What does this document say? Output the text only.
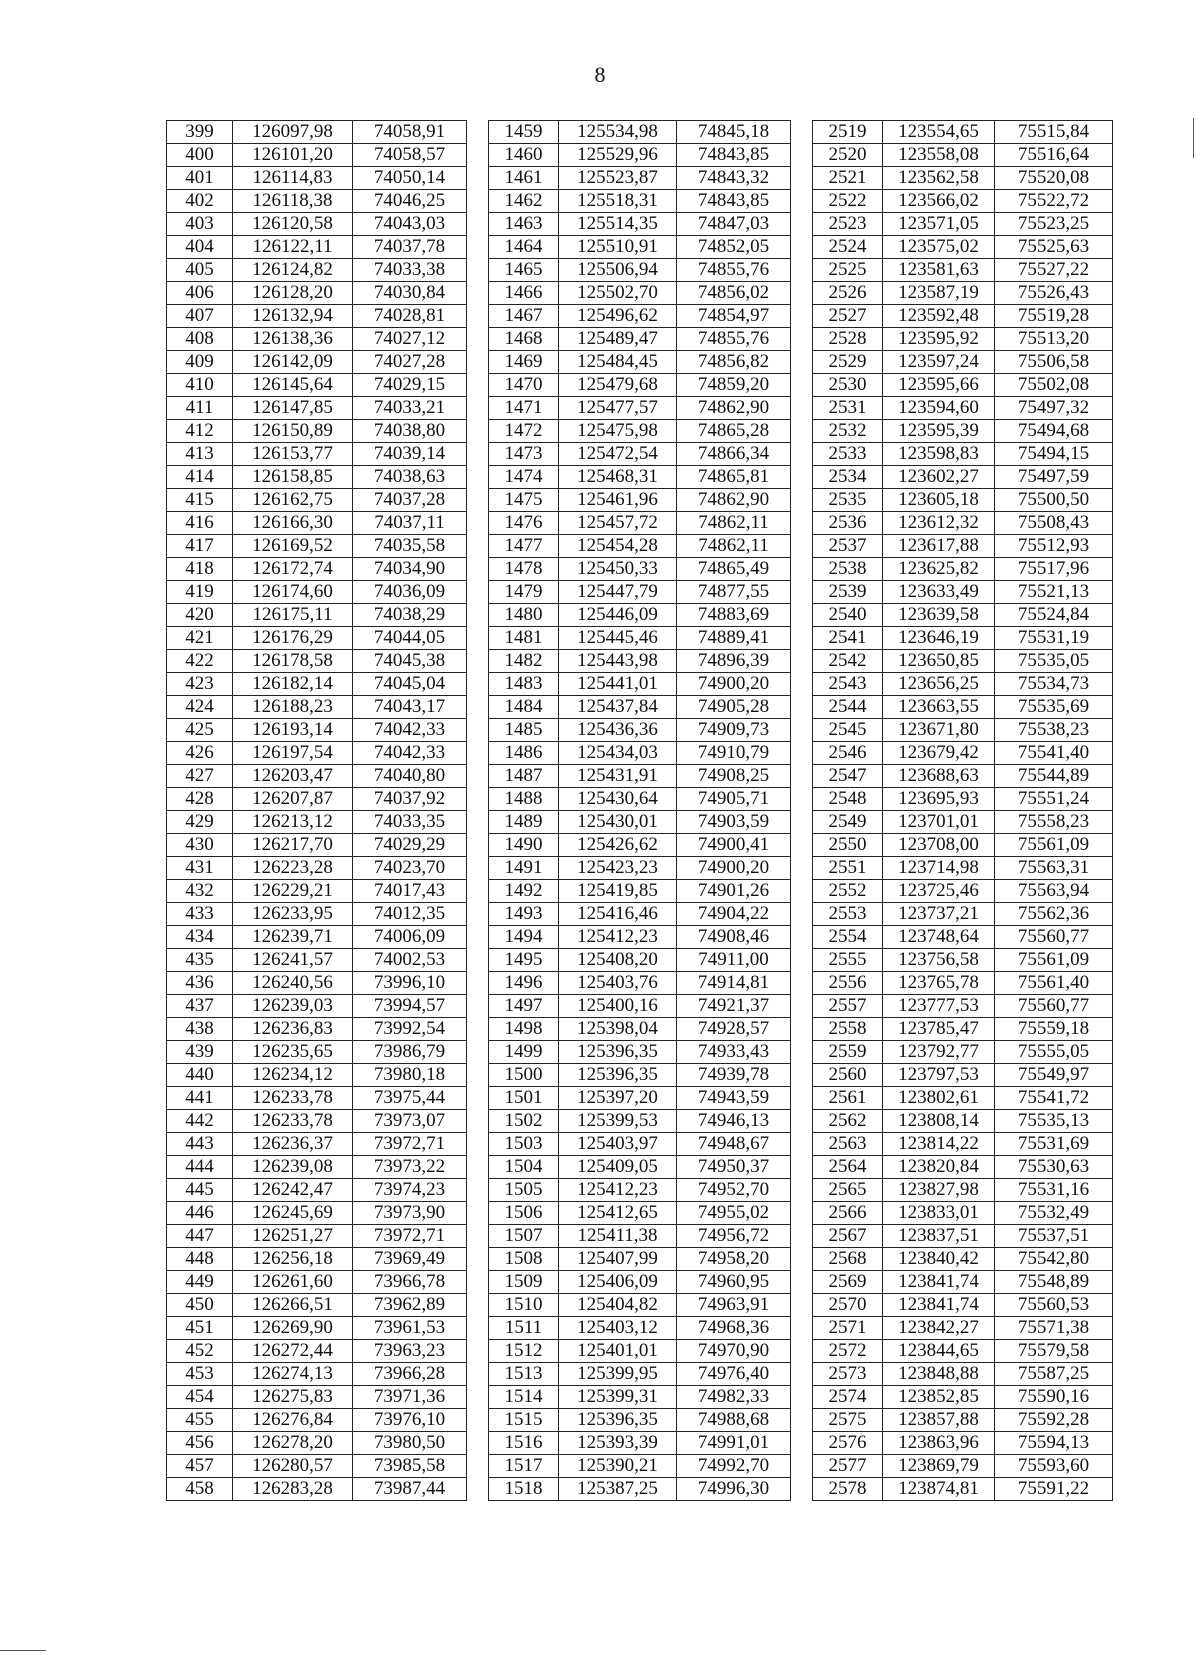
8
399	126097,98	74058,91		1459	125534,98	74845,18		2519	123554,65	75515,84
400	126101,20	74058,57		1460	125529,96	74843,85		2520	123558,08	75516,64
401	126114,83	74050,14		1461	125523,87	74843,32		2521	123562,58	75520,08
402	126118,38	74046,25		1462	125518,31	74843,85		2522	123566,02	75522,72
403	126120,58	74043,03		1463	125514,35	74847,03		2523	123571,05	75523,25
404	126122,11	74037,78		1464	125510,91	74852,05		2524	123575,02	75525,63
405	126124,82	74033,38		1465	125506,94	74855,76		2525	123581,63	75527,22
406	126128,20	74030,84		1466	125502,70	74856,02		2526	123587,19	75526,43
407	126132,94	74028,81		1467	125496,62	74854,97		2527	123592,48	75519,28
408	126138,36	74027,12		1468	125489,47	74855,76		2528	123595,92	75513,20
409	126142,09	74027,28		1469	125484,45	74856,82		2529	123597,24	75506,58
410	126145,64	74029,15		1470	125479,68	74859,20		2530	123595,66	75502,08
411	126147,85	74033,21		1471	125477,57	74862,90		2531	123594,60	75497,32
412	126150,89	74038,80		1472	125475,98	74865,28		2532	123595,39	75494,68
413	126153,77	74039,14		1473	125472,54	74866,34		2533	123598,83	75494,15
414	126158,85	74038,63		1474	125468,31	74865,81		2534	123602,27	75497,59
415	126162,75	74037,28		1475	125461,96	74862,90		2535	123605,18	75500,50
416	126166,30	74037,11		1476	125457,72	74862,11		2536	123612,32	75508,43
417	126169,52	74035,58		1477	125454,28	74862,11		2537	123617,88	75512,93
418	126172,74	74034,90		1478	125450,33	74865,49		2538	123625,82	75517,96
419	126174,60	74036,09		1479	125447,79	74877,55		2539	123633,49	75521,13
420	126175,11	74038,29		1480	125446,09	74883,69		2540	123639,58	75524,84
421	126176,29	74044,05		1481	125445,46	74889,41		2541	123646,19	75531,19
422	126178,58	74045,38		1482	125443,98	74896,39		2542	123650,85	75535,05
423	126182,14	74045,04		1483	125441,01	74900,20		2543	123656,25	75534,73
424	126188,23	74043,17		1484	125437,84	74905,28		2544	123663,55	75535,69
425	126193,14	74042,33		1485	125436,36	74909,73		2545	123671,80	75538,23
426	126197,54	74042,33		1486	125434,03	74910,79		2546	123679,42	75541,40
427	126203,47	74040,80		1487	125431,91	74908,25		2547	123688,63	75544,89
428	126207,87	74037,92		1488	125430,64	74905,71		2548	123695,93	75551,24
429	126213,12	74033,35		1489	125430,01	74903,59		2549	123701,01	75558,23
430	126217,70	74029,29		1490	125426,62	74900,41		2550	123708,00	75561,09
431	126223,28	74023,70		1491	125423,23	74900,20		2551	123714,98	75563,31
432	126229,21	74017,43		1492	125419,85	74901,26		2552	123725,46	75563,94
433	126233,95	74012,35		1493	125416,46	74904,22		2553	123737,21	75562,36
434	126239,71	74006,09		1494	125412,23	74908,46		2554	123748,64	75560,77
435	126241,57	74002,53		1495	125408,20	74911,00		2555	123756,58	75561,09
436	126240,56	73996,10		1496	125403,76	74914,81		2556	123765,78	75561,40
437	126239,03	73994,57		1497	125400,16	74921,37		2557	123777,53	75560,77
438	126236,83	73992,54		1498	125398,04	74928,57		2558	123785,47	75559,18
439	126235,65	73986,79		1499	125396,35	74933,43		2559	123792,77	75555,05
440	126234,12	73980,18		1500	125396,35	74939,78		2560	123797,53	75549,97
441	126233,78	73975,44		1501	125397,20	74943,59		2561	123802,61	75541,72
442	126233,78	73973,07		1502	125399,53	74946,13		2562	123808,14	75535,13
443	126236,37	73972,71		1503	125403,97	74948,67		2563	123814,22	75531,69
444	126239,08	73973,22		1504	125409,05	74950,37		2564	123820,84	75530,63
445	126242,47	73974,23		1505	125412,23	74952,70		2565	123827,98	75531,16
446	126245,69	73973,90		1506	125412,65	74955,02		2566	123833,01	75532,49
447	126251,27	73972,71		1507	125411,38	74956,72		2567	123837,51	75537,51
448	126256,18	73969,49		1508	125407,99	74958,20		2568	123840,42	75542,80
449	126261,60	73966,78		1509	125406,09	74960,95		2569	123841,74	75548,89
450	126266,51	73962,89		1510	125404,82	74963,91		2570	123841,74	75560,53
451	126269,90	73961,53		1511	125403,12	74968,36		2571	123842,27	75571,38
452	126272,44	73963,23		1512	125401,01	74970,90		2572	123844,65	75579,58
453	126274,13	73966,28		1513	125399,95	74976,40		2573	123848,88	75587,25
454	126275,83	73971,36		1514	125399,31	74982,33		2574	123852,85	75590,16
455	126276,84	73976,10		1515	125396,35	74988,68		2575	123857,88	75592,28
456	126278,20	73980,50		1516	125393,39	74991,01		2576	123863,96	75594,13
457	126280,57	73985,58		1517	125390,21	74992,70		2577	123869,79	75593,60
458	126283,28	73987,44		1518	125387,25	74996,30		2578	123874,81	75591,22
